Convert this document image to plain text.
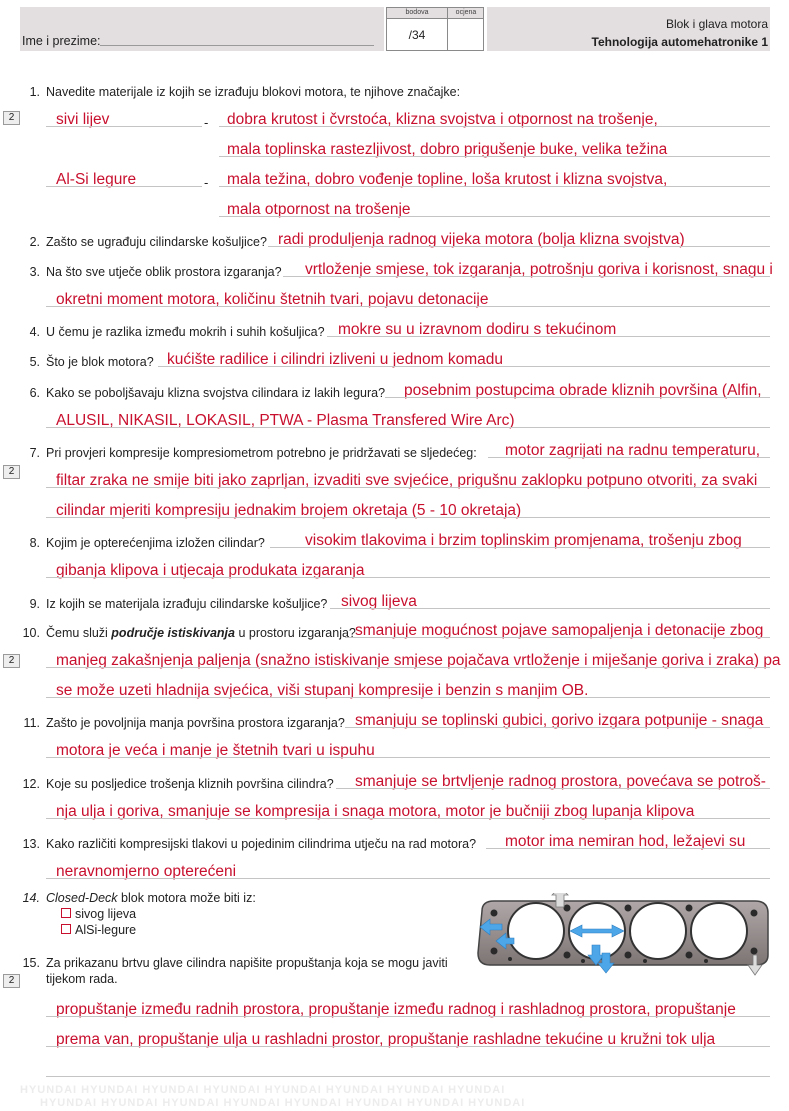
Ime i prezime:
bodova	ocjena
/34
Blok i glava motora
Tehnologija automehatronike 1
1. Navedite materijale iz kojih se izrađuju blokovi motora, te njihove značajke:
2	sivi lijev	- dobra krutost i čvrstoća, klizna svojstva i otpornost na trošenje,
mala toplinska rastezljivost, dobro prigušenje buke, velika težina
Al-Si legure	- mala težina, dobro vođenje topline, loša krutost i klizna svojstva,
mala otpornost na trošenje
2. Zašto se ugrađuju cilindarske košuljice? radi produljenja radnog vijeka motora (bolja klizna svojstva)
3. Na što sve utječe oblik prostora izgaranja? vrtloženje smjese, tok izgaranja, potrošnju goriva i korisnost, snagu i
okretni moment motora, količinu štetnih tvari, pojavu detonacije
4. U čemu je razlika između mokrih i suhih košuljica? mokre su u izravnom dodiru s tekućinom
5. Što je blok motora? kućište radilice i cilindri izliveni u jednom komadu
6. Kako se poboljšavaju klizna svojstva cilindara iz lakih legura? posebnim postupcima obrade kliznih površina (Alfin,
ALUSIL, NIKASIL, LOKASIL, PTWA - Plasma Transfered Wire Arc)
7. Pri provjeri kompresije kompresiometrom potrebno je pridržavati se sljedećeg:
2
motor zagrijati na radnu temperaturu,
filtar zraka ne smije biti jako zaprljan, izvaditi sve svjećice, prigušnu zaklopku potpuno otvoriti, za svaki
cilindar mjeriti kompresiju jednakim brojem okretaja (5 - 10 okretaja)
8. Kojim je opterećenjima izložen cilindar?	visokim tlakovima i brzim toplinskim promjenama, trošenju zbog
gibanja klipova i utjecaja produkata izgaranja
9. Iz kojih se materijala izrađuju cilindarske košuljice? sivog lijeva
10. Čemu služi područje istiskivanja u prostoru izgaranja?
2
smanjuje mogućnost pojave samopaljenja i detonacije zbog
manjeg zakašnjenja paljenja (snažno istiskivanje smjese pojačava vrtloženje i miješanje goriva i zraka) pa
se može uzeti hladnija svjećica, viši stupanj kompresije i benzin s manjim OB.
11. Zašto je povoljnija manja površina prostora izgaranja? smanjuju se toplinski gubici, gorivo izgara potpunije - snaga
motora je veća i manje je štetnih tvari u ispuhu
12. Koje su posljedice trošenja kliznih površina cilindra? smanjuje se brtvljenje radnog prostora, povećava se potroš-
nja ulja i goriva, smanjuje se kompresija i snaga motora, motor je bučniji zbog lupanja klipova
13. Kako različiti kompresijski tlakovi u pojedinim cilindrima utječu na rad motora? motor ima nemiran hod, ležajevi su
neravnomjerno opterećeni
14. Closed-Deck blok motora može biti iz:
sivog lijeva
AlSi-legure
15. Za prikazanu brtvu glave cilindra napišite propuštanja koja se mogu javiti
tijekom rada.
2
propuštanje između radnih prostora, propuštanje između radnog i rashladnog prostora, propuštanje
prema van, propuštanje ulja u rashladni prostor, propuštanje rashladne tekućine u kružni tok ulja
HYUNDAI HYUNDAI HYUNDAI HYUNDAI HYUNDAI HYUNDAI HYUNDAI HYUNDAI
HYUNDAI HYUNDAI HYUNDAI HYUNDAI HYUNDAI HYUNDAI HYUNDAI HYUNDAI
